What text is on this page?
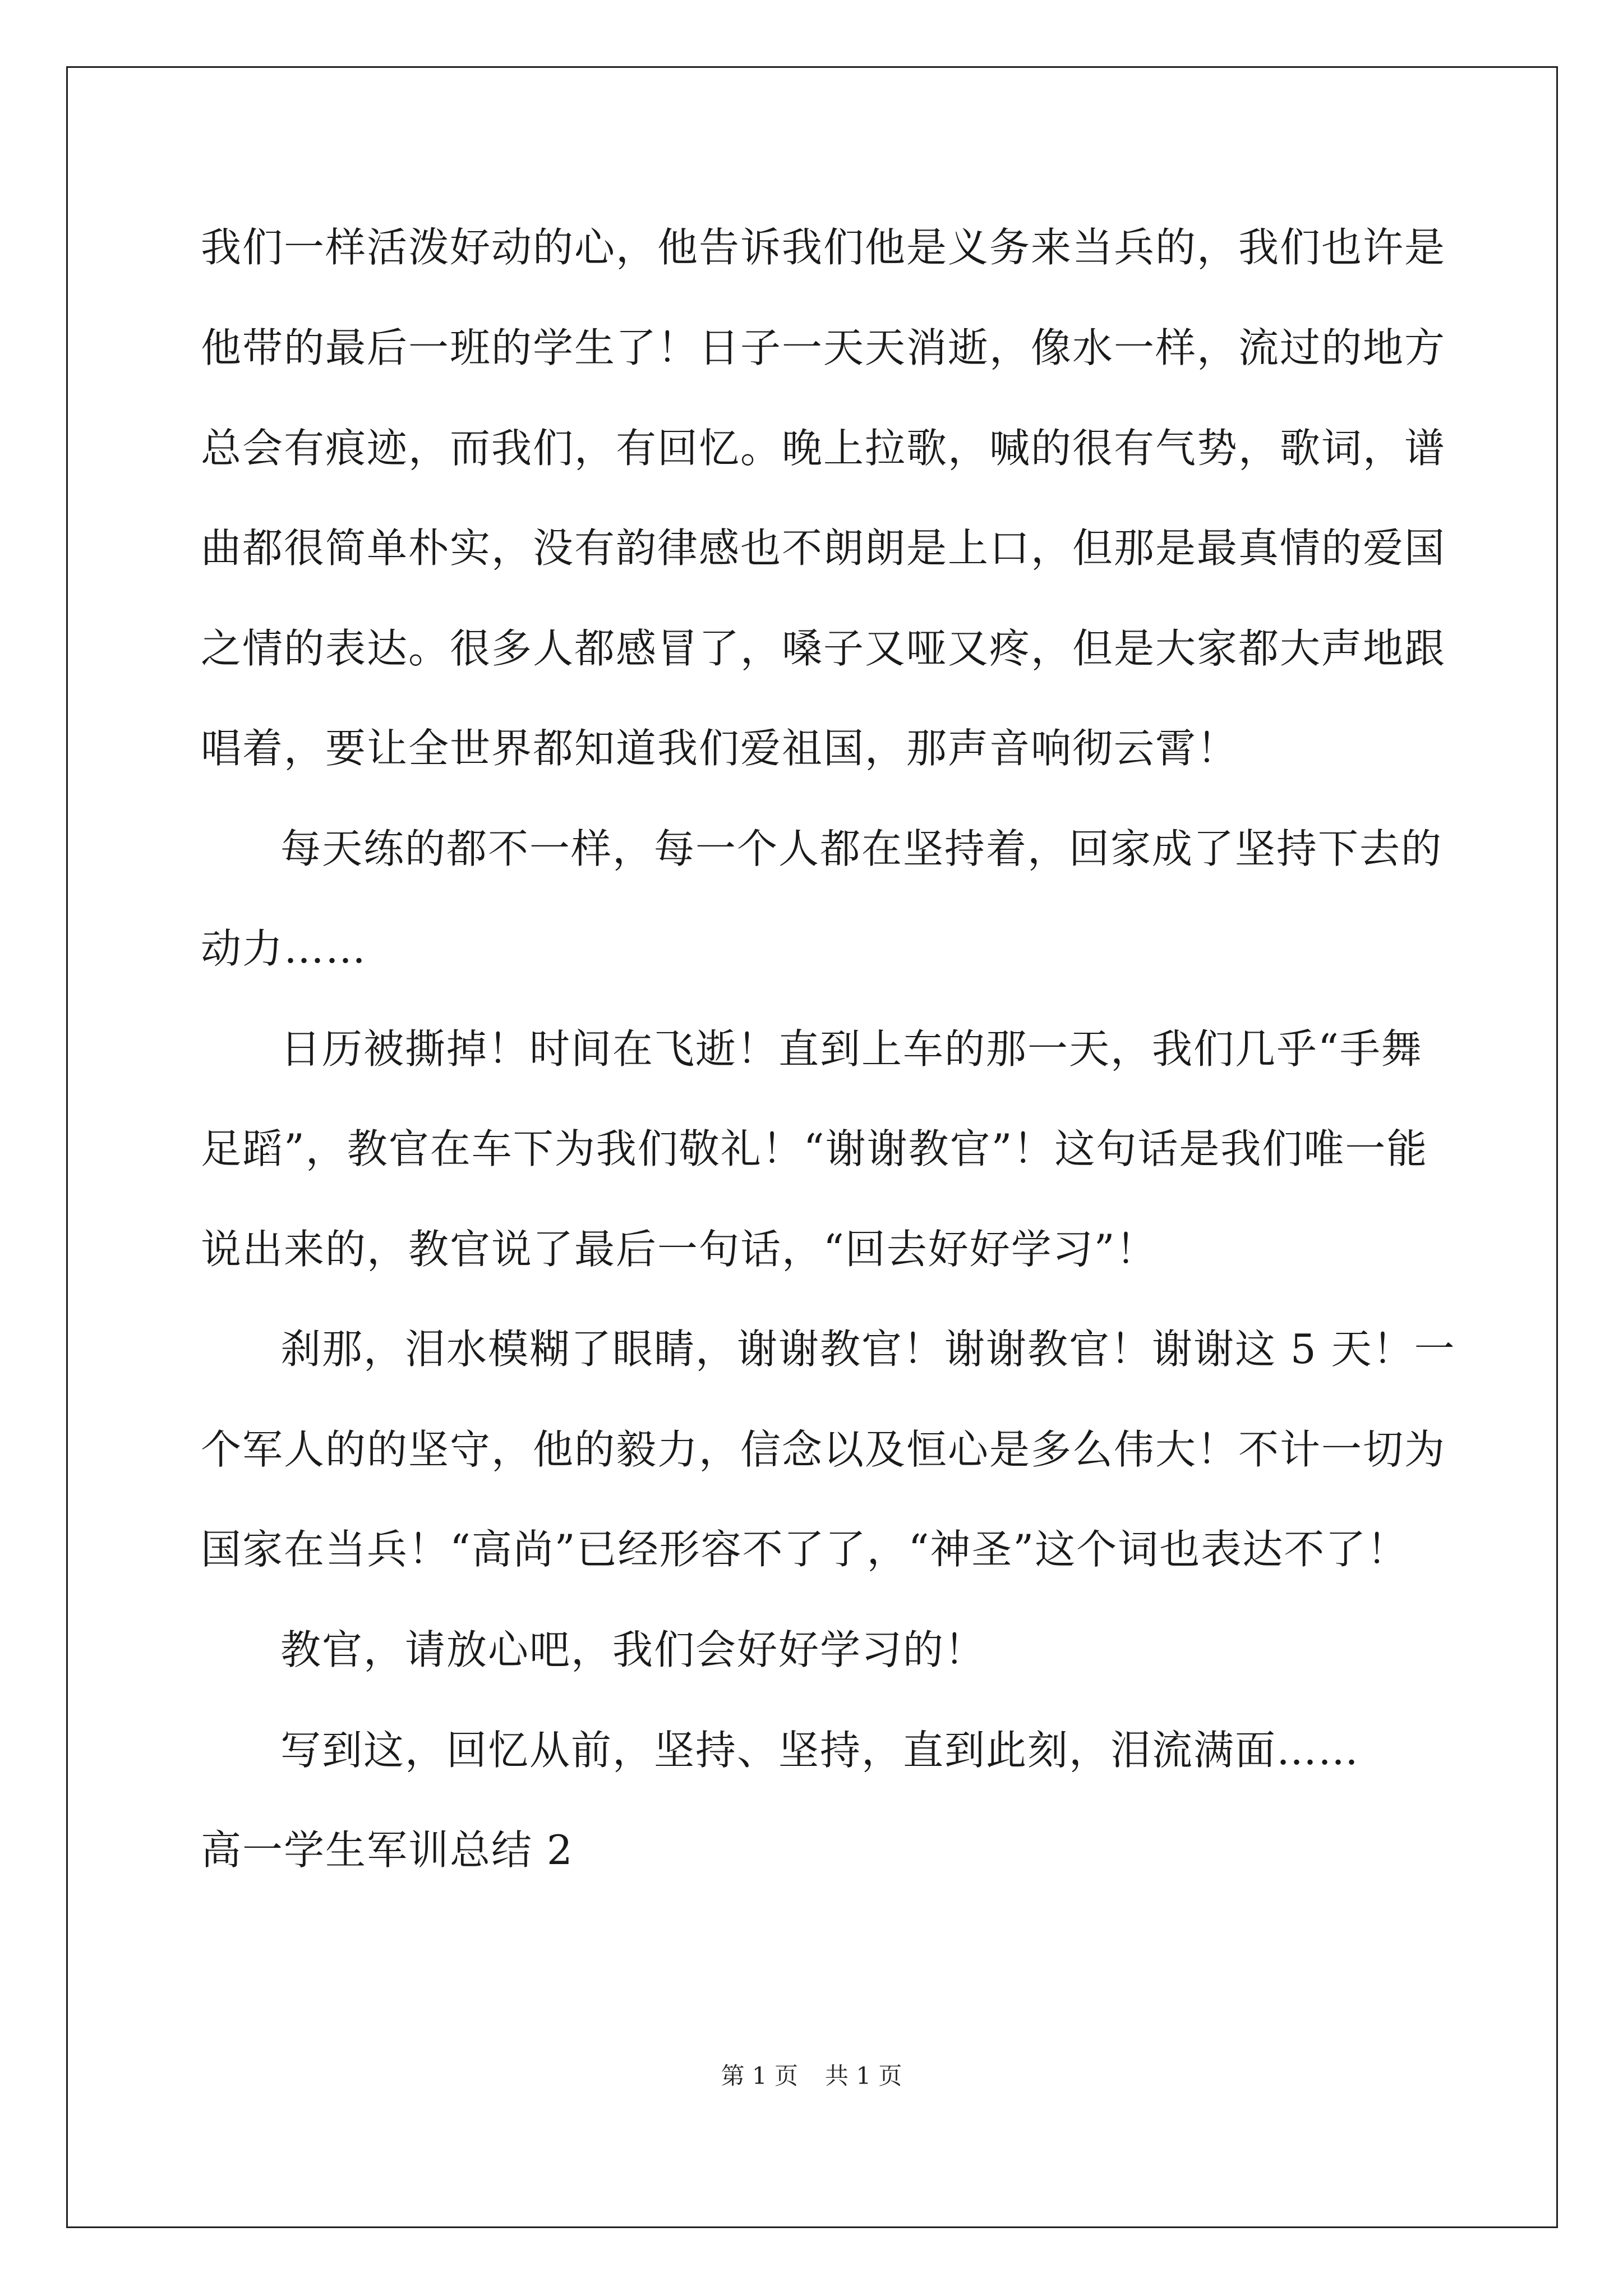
我们一样活泼好动的心，他告诉我们他是义务来当兵的，我们也许是
他带的最后一班的学生了！日子一天天消逝，像水一样，流过的地方
总会有痕迹，而我们，有回忆。晚上拉歌，喊的很有气势，歌词，谱
曲都很简单朴实，没有韵律感也不朗朗是上口，但那是最真情的爱国
之情的表达。很多人都感冒了，嗓子又哑又疼，但是大家都大声地跟
唱着，要让全世界都知道我们爱祖国，那声音响彻云霄！
每天练的都不一样，每一个人都在坚持着，回家成了坚持下去的
动力……
日历被撕掉！时间在飞逝！直到上车的那一天，我们几乎“手舞
足蹈”，教官在车下为我们敬礼！“谢谢教官”！这句话是我们唯一能
说出来的，教官说了最后一句话，“回去好好学习”！
刹那，泪水模糊了眼睛，谢谢教官！谢谢教官！谢谢这 5 天！一
个军人的的坚守，他的毅力，信念以及恒心是多么伟大！不计一切为
国家在当兵！“高尚”已经形容不了了，“神圣”这个词也表达不了！
教官，请放心吧，我们会好好学习的！
写到这，回忆从前，坚持、坚持，直到此刻，泪流满面……
高一学生军训总结 2
第 1 页 共 1 页
